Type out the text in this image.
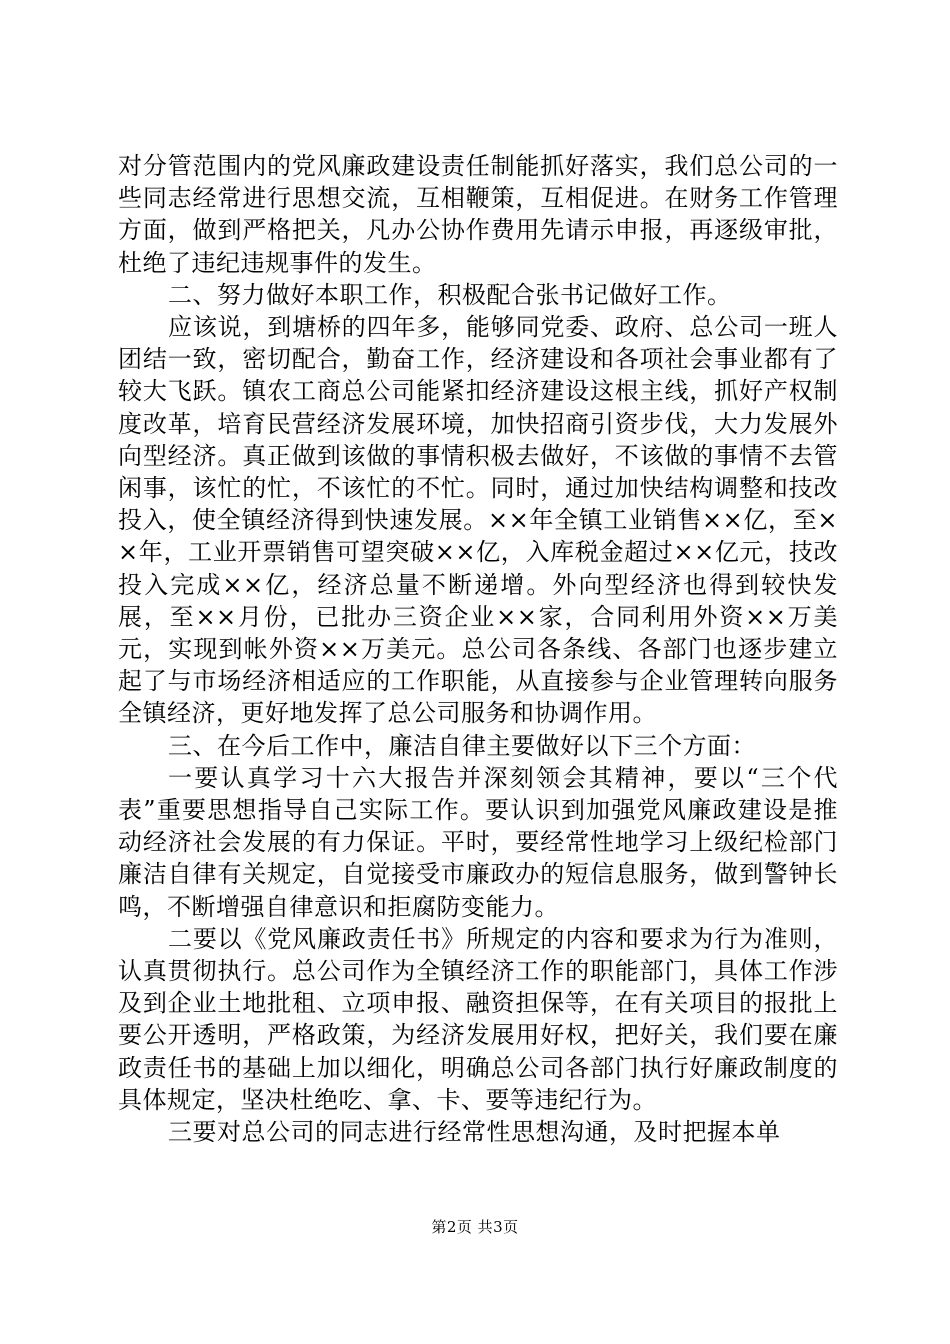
对分管范围内的党风廉政建设责任制能抓好落实，我们总公司的一些同志经常进行思想交流，互相鞭策，互相促进。在财务工作管理方面，做到严格把关，凡办公协作费用先请示申报，再逐级审批，杜绝了违纪违规事件的发生。

二、努力做好本职工作，积极配合张书记做好工作。

应该说，到塘桥的四年多，能够同党委、政府、总公司一班人团结一致，密切配合，勤奋工作，经济建设和各项社会事业都有了较大飞跃。镇农工商总公司能紧扣经济建设这根主线，抓好产权制度改革，培育民营经济发展环境，加快招商引资步伐，大力发展外向型经济。真正做到该做的事情积极去做好，不该做的事情不去管闲事，该忙的忙，不该忙的不忙。同时，通过加快结构调整和技改投入，使全镇经济得到快速发展。××年全镇工业销售××亿，至××年，工业开票销售可望突破××亿，入库税金超过××亿元，技改投入完成××亿，经济总量不断递增。外向型经济也得到较快发展，至××月份，已批办三资企业××家，合同利用外资××万美元，实现到帐外资××万美元。总公司各条线、各部门也逐步建立起了与市场经济相适应的工作职能，从直接参与企业管理转向服务全镇经济，更好地发挥了总公司服务和协调作用。

三、在今后工作中，廉洁自律主要做好以下三个方面：

一要认真学习十六大报告并深刻领会其精神，要以“三个代表”重要思想指导自己实际工作。要认识到加强党风廉政建设是推动经济社会发展的有力保证。平时，要经常性地学习上级纪检部门廉洁自律有关规定，自觉接受市廉政办的短信息服务，做到警钟长鸣，不断增强自律意识和拒腐防变能力。

二要以《党风廉政责任书》所规定的内容和要求为行为准则，认真贯彻执行。总公司作为全镇经济工作的职能部门，具体工作涉及到企业土地批租、立项申报、融资担保等，在有关项目的报批上要公开透明，严格政策，为经济发展用好权，把好关，我们要在廉政责任书的基础上加以细化，明确总公司各部门执行好廉政制度的具体规定，坚决杜绝吃、拿、卡、要等违纪行为。

三要对总公司的同志进行经常性思想沟通，及时把握本单

第2页 共3页
